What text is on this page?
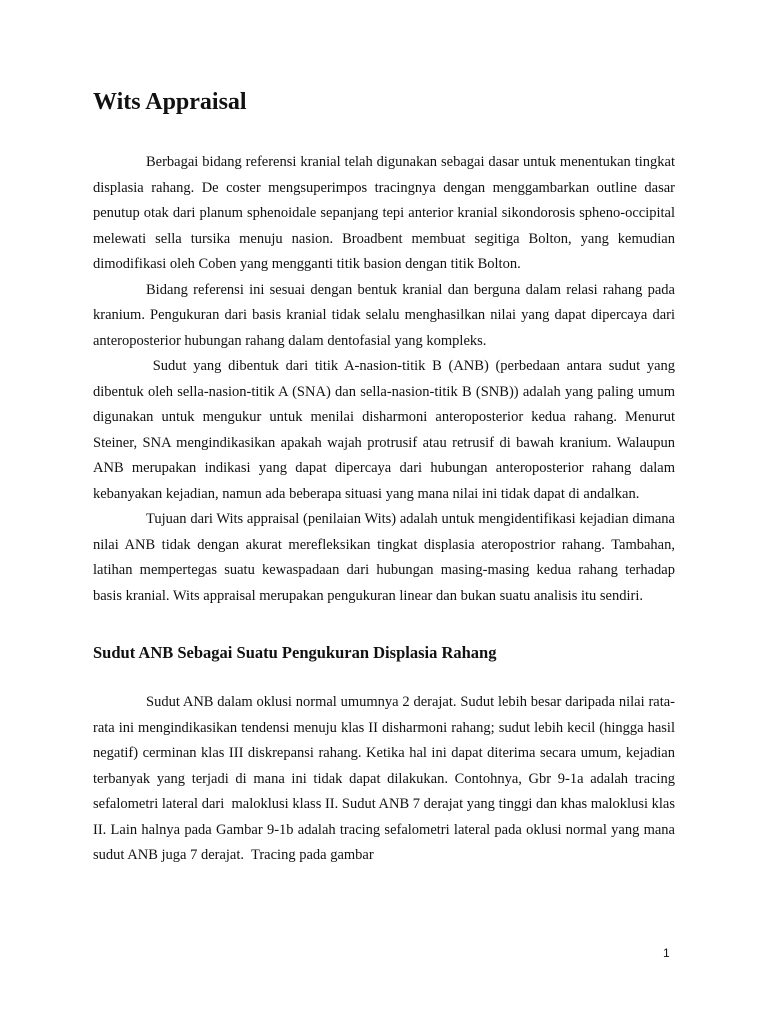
Wits Appraisal

Berbagai bidang referensi kranial telah digunakan sebagai dasar untuk menentukan tingkat displasia rahang. De coster mengsuperimpos tracingnya dengan menggambarkan outline dasar penutup otak dari planum sphenoidale sepanjang tepi anterior kranial sikondorosis spheno-occipital melewati sella tursika menuju nasion. Broadbent membuat segitiga Bolton, yang kemudian dimodifikasi oleh Coben yang mengganti titik basion dengan titik Bolton.

Bidang referensi ini sesuai dengan bentuk kranial dan berguna dalam relasi rahang pada kranium. Pengukuran dari basis kranial tidak selalu menghasilkan nilai yang dapat dipercaya dari anteroposterior hubungan rahang dalam dentofasial yang kompleks.

Sudut yang dibentuk dari titik A-nasion-titik B (ANB) (perbedaan antara sudut yang dibentuk oleh sella-nasion-titik A (SNA) dan sella-nasion-titik B (SNB)) adalah yang paling umum digunakan untuk mengukur untuk menilai disharmoni anteroposterior kedua rahang. Menurut Steiner, SNA mengindikasikan apakah wajah protrusif atau retrusif di bawah kranium. Walaupun ANB merupakan indikasi yang dapat dipercaya dari hubungan anteroposterior rahang dalam kebanyakan kejadian, namun ada beberapa situasi yang mana nilai ini tidak dapat di andalkan.

Tujuan dari Wits appraisal (penilaian Wits) adalah untuk mengidentifikasi kejadian dimana nilai ANB tidak dengan akurat merefleksikan tingkat displasia ateropostrior rahang. Tambahan, latihan mempertegas suatu kewaspadaan dari hubungan masing-masing kedua rahang terhadap basis kranial. Wits appraisal merupakan pengukuran linear dan bukan suatu analisis itu sendiri.

Sudut ANB Sebagai Suatu Pengukuran Displasia Rahang

Sudut ANB dalam oklusi normal umumnya 2 derajat. Sudut lebih besar daripada nilai rata-rata ini mengindikasikan tendensi menuju klas II disharmoni rahang; sudut lebih kecil (hingga hasil negatif) cerminan klas III diskrepansi rahang. Ketika hal ini dapat diterima secara umum, kejadian terbanyak yang terjadi di mana ini tidak dapat dilakukan. Contohnya, Gbr 9-1a adalah tracing sefalometri lateral dari  maloklusi klass II. Sudut ANB 7 derajat yang tinggi dan khas maloklusi klas II. Lain halnya pada Gambar 9-1b adalah tracing sefalometri lateral pada oklusi normal yang mana sudut ANB juga 7 derajat.  Tracing pada gambar

1
